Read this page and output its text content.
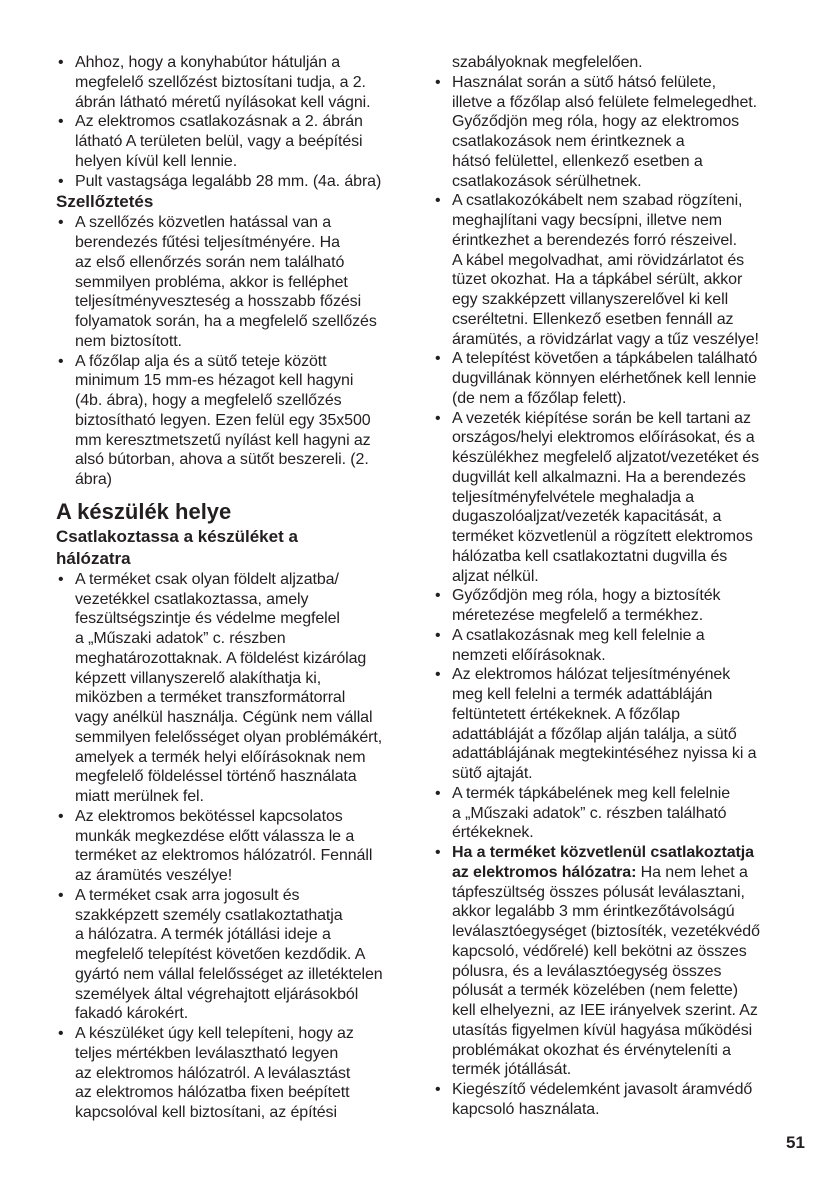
• Ahhoz, hogy a konyhabútor hátulján a
megfelelő szellőzést biztosítani tudja, a 2.
ábrán látható méretű nyílásokat kell vágni.
• Az elektromos csatlakozásnak a 2. ábrán
látható A területen belül, vagy a beépítési
helyen kívül kell lennie.
• Pult vastagsága legalább 28 mm. (4a. ábra)
Szellőztetés
• A szellőzés közvetlen hatással van a
berendezés fűtési teljesítményére. Ha
az első ellenőrzés során nem található
semmilyen probléma, akkor is felléphet
teljesítményveszteség a hosszabb főzési
folyamatok során, ha a megfelelő szellőzés
nem biztosított.
• A főzőlap alja és a sütő teteje között
minimum 15 mm-es hézagot kell hagyni
(4b. ábra), hogy a megfelelő szellőzés
biztosítható legyen. Ezen felül egy 35x500
mm keresztmetszetű nyílást kell hagyni az
alsó bútorban, ahova a sütőt beszereli. (2.
ábra)
A készülék helye
Csatlakoztassa a készüléket a
hálózatra
• A terméket csak olyan földelt aljzatba/
vezetékkel csatlakoztassa, amely
feszültségszintje és védelme megfelel
a „Műszaki adatok” c. részben
meghatározottaknak. A földelést kizárólag
képzett villanyszerelő alakíthatja ki,
miközben a terméket transzformátorral
vagy anélkül használja. Cégünk nem vállal
semmilyen felelősséget olyan problémákért,
amelyek a termék helyi előírásoknak nem
megfelelő földeléssel történő használata
miatt merülnek fel.
• Az elektromos bekötéssel kapcsolatos
munkák megkezdése előtt válassza le a
terméket az elektromos hálózatról. Fennáll
az áramütés veszélye!
• A terméket csak arra jogosult és
szakképzett személy csatlakoztathatja
a hálózatra. A termék jótállási ideje a
megfelelő telepítést követően kezdődik. A
gyártó nem vállal felelősséget az illetéktelen
személyek által végrehajtott eljárásokból
fakadó károkért.
• A készüléket úgy kell telepíteni, hogy az
teljes mértékben leválasztható legyen
az elektromos hálózatról. A leválasztást
az elektromos hálózatba fixen beépített
kapcsolóval kell biztosítani, az építési
szabályoknak megfelelően.
• Használat során a sütő hátsó felülete,
illetve a főzőlap alsó felülete felmelegedhet.
Győződjön meg róla, hogy az elektromos
csatlakozások nem érintkeznek a
hátsó felülettel, ellenkező esetben a
csatlakozások sérülhetnek.
• A csatlakozókábelt nem szabad rögzíteni,
meghajlítani vagy becsípni, illetve nem
érintkezhet a berendezés forró részeivel.
A kábel megolvadhat, ami rövidzárlatot és
tüzet okozhat. Ha a tápkábel sérült, akkor
egy szakképzett villanyszerelővel ki kell
cseréltetni. Ellenkező esetben fennáll az
áramütés, a rövidzárlat vagy a tűz veszélye!
• A telepítést követően a tápkábelen található
dugvillának könnyen elérhetőnek kell lennie
(de nem a főzőlap felett).
• A vezeték kiépítése során be kell tartani az
országos/helyi elektromos előírásokat, és a
készülékhez megfelelő aljzatot/vezetéket és
dugvillát kell alkalmazni. Ha a berendezés
teljesítményfelvétele meghaladja a
dugaszolóaljzat/vezeték kapacitását, a
terméket közvetlenül a rögzített elektromos
hálózatba kell csatlakoztatni dugvilla és
aljzat nélkül.
• Győződjön meg róla, hogy a biztosíték
méretezése megfelelő a termékhez.
• A csatlakozásnak meg kell felelnie a
nemzeti előírásoknak.
• Az elektromos hálózat teljesítményének
meg kell felelni a termék adattábláján
feltüntetett értékeknek. A főzőlap
adattábláját a főzőlap alján találja, a sütő
adattáblájának megtekintéséhez nyissa ki a
sütő ajtaját.
• A termék tápkábelének meg kell felelnie
a „Műszaki adatok” c. részben található
értékeknek.
• Ha a terméket közvetlenül csatlakoztatja
az elektromos hálózatra: Ha nem lehet a
tápfeszültség összes pólusát leválasztani,
akkor legalább 3 mm érintkezőtávolságú
leválasztóegységet (biztosíték, vezetékvédő
kapcsoló, védőrelé) kell bekötni az összes
pólusra, és a leválasztóegység összes
pólusát a termék közelében (nem felette)
kell elhelyezni, az IEE irányelvek szerint. Az
utasítás figyelmen kívül hagyása működési
problémákat okozhat és érvényteleníti a
termék jótállását.
• Kiegészítő védelemként javasolt áramvédő
kapcsoló használata.
51
